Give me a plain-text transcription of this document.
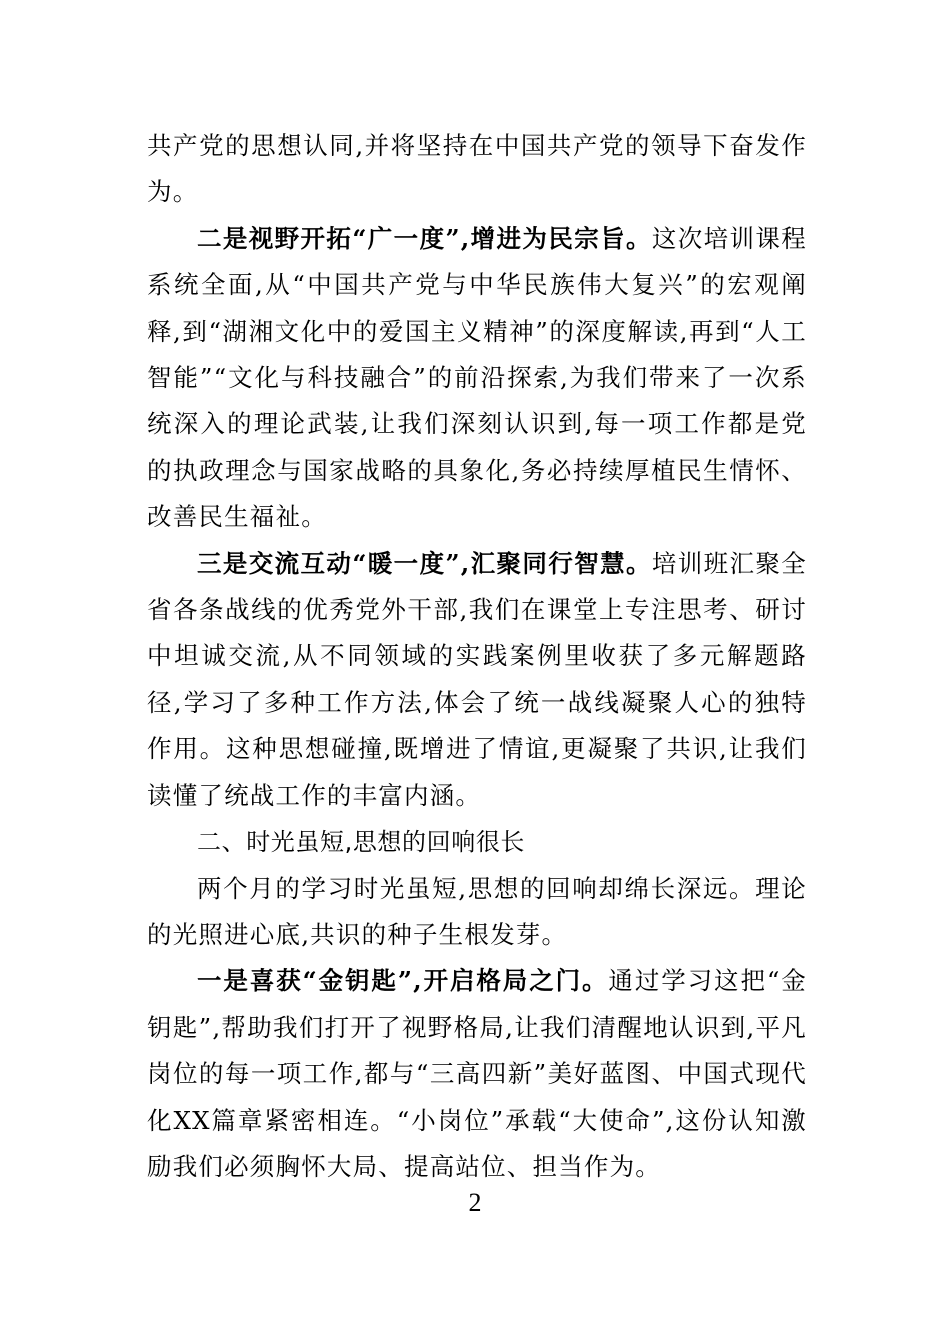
共产党的思想认同,并将坚持在中国共产党的领导下奋发作为。

二是视野开拓“广一度”,增进为民宗旨。这次培训课程系统全面,从“中国共产党与中华民族伟大复兴”的宏观阐释,到“湖湘文化中的爱国主义精神”的深度解读,再到“人工智能”“文化与科技融合”的前沿探索,为我们带来了一次系统深入的理论武装,让我们深刻认识到,每一项工作都是党的执政理念与国家战略的具象化,务必持续厚植民生情怀、改善民生福祉。

三是交流互动“暖一度”,汇聚同行智慧。培训班汇聚全省各条战线的优秀党外干部,我们在课堂上专注思考、研讨中坦诚交流,从不同领域的实践案例里收获了多元解题路径,学习了多种工作方法,体会了统一战线凝聚人心的独特作用。这种思想碰撞,既增进了情谊,更凝聚了共识,让我们读懂了统战工作的丰富内涵。

二、时光虽短,思想的回响很长

两个月的学习时光虽短,思想的回响却绵长深远。理论的光照进心底,共识的种子生根发芽。

一是喜获“金钥匙”,开启格局之门。通过学习这把“金钥匙”,帮助我们打开了视野格局,让我们清醒地认识到,平凡岗位的每一项工作,都与“三高四新”美好蓝图、中国式现代化XX篇章紧密相连。“小岗位”承载“大使命”,这份认知激励我们必须胸怀大局、提高站位、担当作为。

2
